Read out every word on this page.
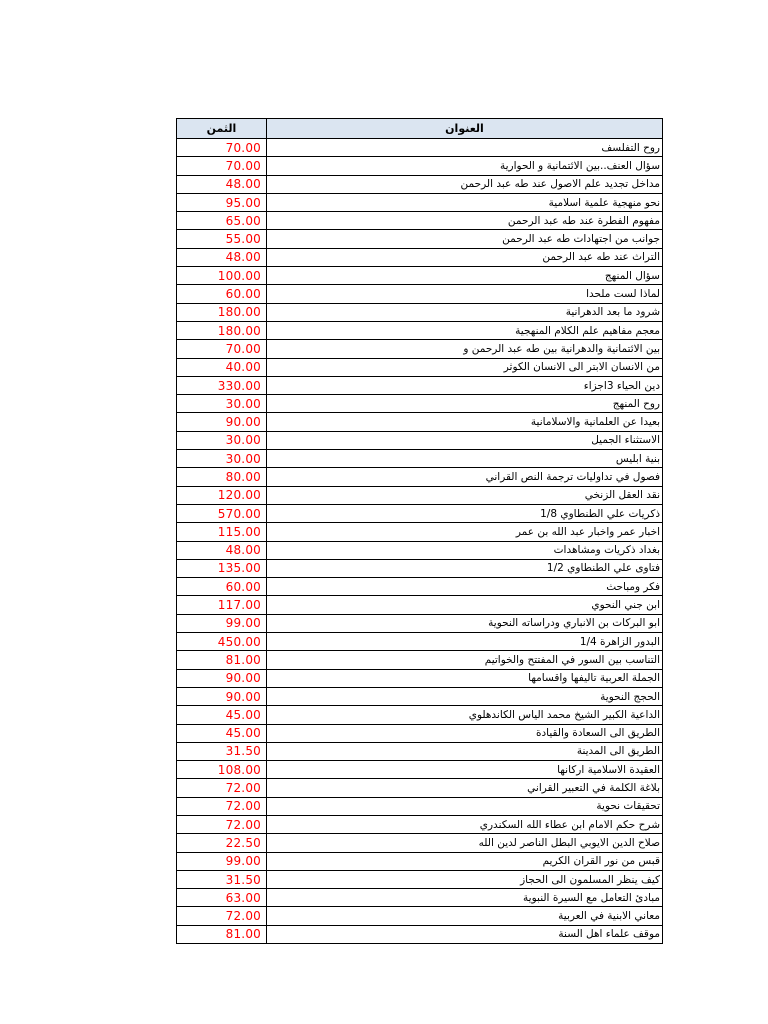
الثمن	العنوان
70.00	روح التفلسف
70.00	سؤال العنف..بين الائتمانية و الحوارية
48.00	مداخل تجديد علم الاصول عند طه عبد الرحمن
95.00	نحو منهجية علمية اسلامية
65.00	مفهوم الفطرة عند طه عبد الرحمن
55.00	جوانب من اجتهادات طه عبد الرحمن
48.00	التراث عند طه عبد الرحمن
100.00	سؤال المنهج
60.00	لماذا لست ملحدا
180.00	شرود ما بعد الدهرانية
180.00	معجم مفاهيم علم الكلام المنهجية
70.00	بين الائتمانية والدهرانية بين طه عبد الرحمن و
40.00	من الانسان الابتر الى الانسان الكوثر
330.00	دين الحياء 3اجزاء
30.00	روح المنهج
90.00	بعيدا عن العلمانية والاسلامانية
30.00	الاستثناء الجميل
30.00	بنية ابليس
80.00	فصول في تداوليات ترجمة النص القراني
120.00	نقد العقل الزنخي
570.00	ذكريات علي الطنطاوي 1/8
115.00	اخبار عمر واخبار عبد الله بن عمر
48.00	بغداد ذكريات ومشاهدات
135.00	فتاوى علي الطنطاوي 1/2
60.00	فكر ومباحث
117.00	ابن جني النحوي
99.00	ابو البركات بن الانباري ودراساته النحوية
450.00	البدور الزاهرة 1/4
81.00	التناسب بين السور في المفتتح والخواتيم
90.00	الجملة العربية تاليفها واقسامها
90.00	الحجج النحوية
45.00	الداعية الكبير الشيخ محمد الياس الكاندهلوي
45.00	الطريق الى السعادة والقيادة
31.50	الطريق الى المدينة
108.00	العقيدة الاسلامية اركانها
72.00	بلاغة الكلمة في التعبير القراني
72.00	تحقيقات نحوية
72.00	شرح حكم الامام ابن عطاء الله السكندري
22.50	صلاح الدين الايوبي البطل الناصر لدين الله
99.00	قبس من نور القران الكريم
31.50	كيف ينظر المسلمون الى الحجاز
63.00	مبادئ التعامل مع السيرة النبوية
72.00	معاني الابنية في العربية
81.00	موقف علماء اهل السنة
